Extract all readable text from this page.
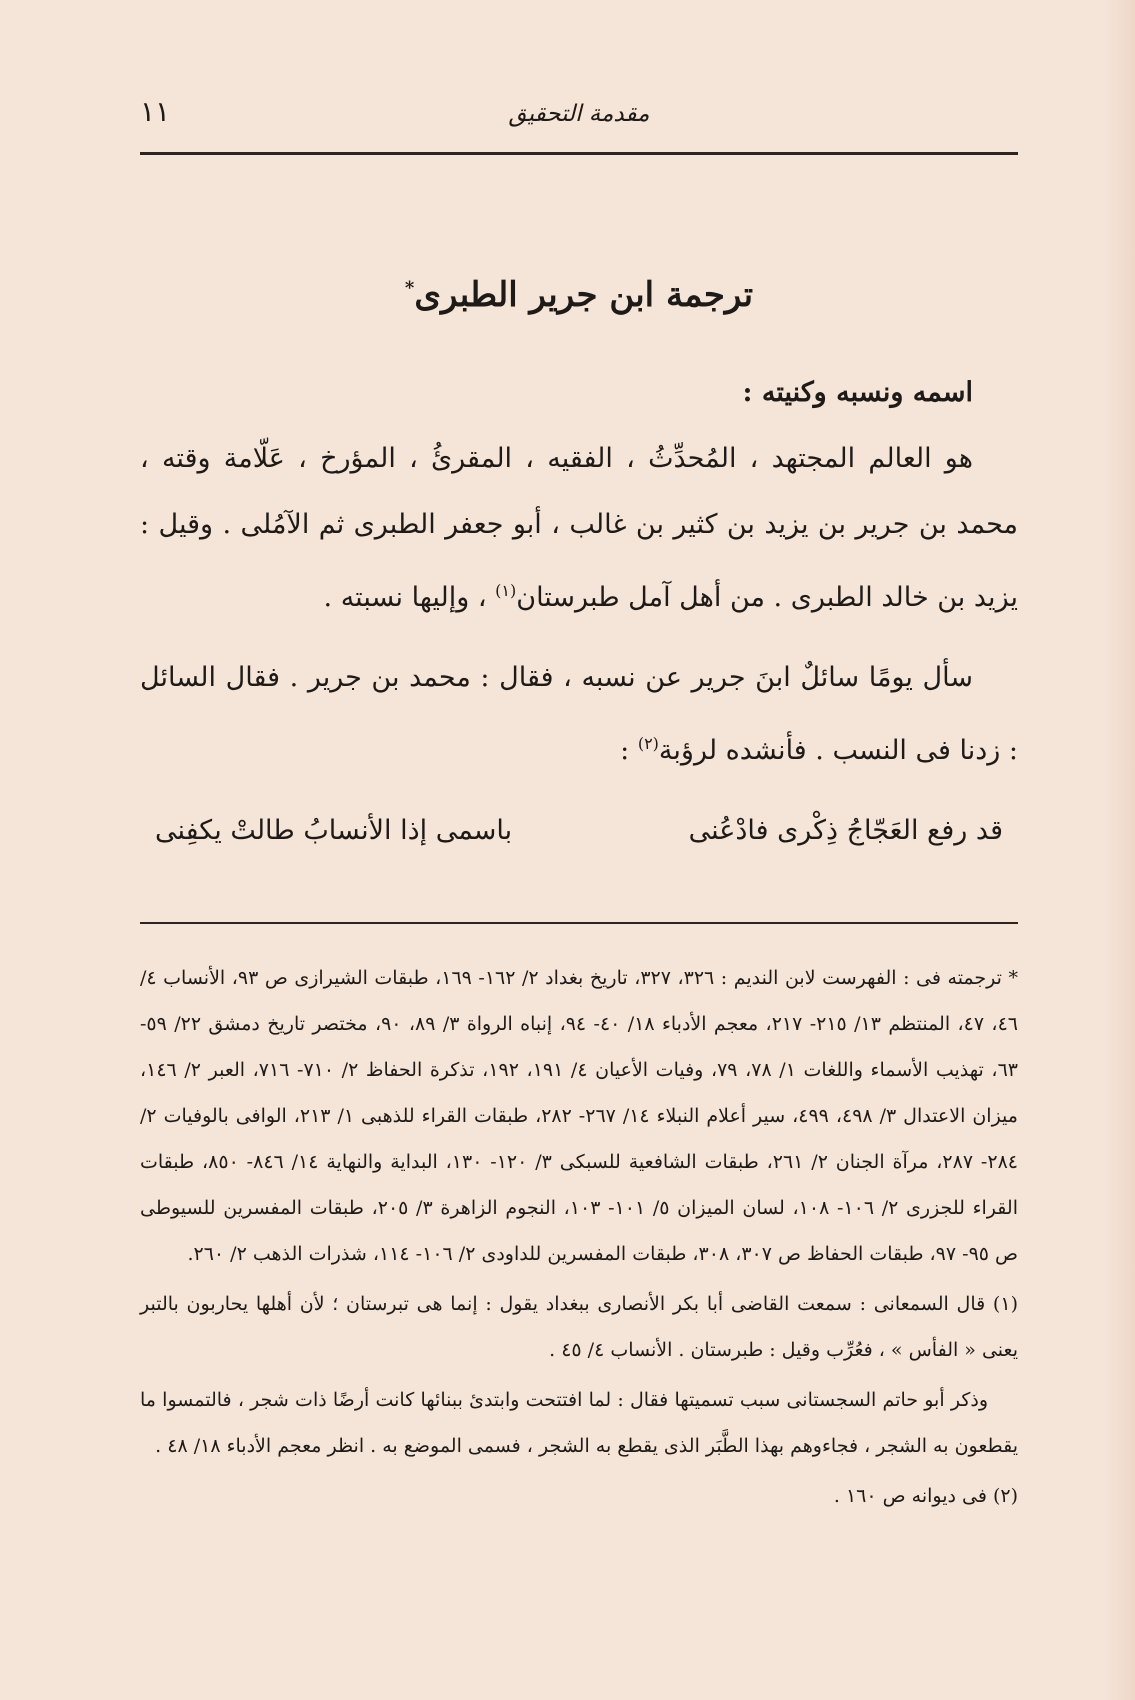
مقدمة التحقيق
١١
ترجمة ابن جرير الطبرى*
اسمه ونسبه وكنيته :

هو العالم المجتهد ، المُحدِّثُ ، الفقيه ، المقرئُ ، المؤرخ ، عَلّامة وقته ، محمد بن جرير بن يزيد بن كثير بن غالب ، أبو جعفر الطبرى ثم الآمُلى . وقيل : يزيد بن خالد الطبرى . من أهل آمل طبرستان$^{(١)}$ ، وإليها نسبته .

سأل يومًا سائلٌ ابنَ جرير عن نسبه ، فقال : محمد بن جرير . فقال السائل : زدنا فى النسب . فأنشده لرؤبة$^{(٢)}$ :

قد رفع العَجّاجُ ذِكْرى فادْعُنى
باسمى إذا الأنسابُ طالتْ يكفِنى

* ترجمته فى : الفهرست لابن النديم : ٣٢٦، ٣٢٧، تاريخ بغداد ٢/ ١٦٢- ١٦٩، طبقات الشيرازى ص ٩٣، الأنساب ٤/ ٤٦، ٤٧، المنتظم ١٣/ ٢١٥- ٢١٧، معجم الأدباء ١٨/ ٤٠- ٩٤، إنباه الرواة ٣/ ٨٩، ٩٠، مختصر تاريخ دمشق ٢٢/ ٥٩- ٦٣، تهذيب الأسماء واللغات ١/ ٧٨، ٧٩، وفيات الأعيان ٤/ ١٩١، ١٩٢، تذكرة الحفاظ ٢/ ٧١٠- ٧١٦، العبر ٢/ ١٤٦، ميزان الاعتدال ٣/ ٤٩٨، ٤٩٩، سير أعلام النبلاء ١٤/ ٢٦٧- ٢٨٢، طبقات القراء للذهبى ١/ ٢١٣، الوافى بالوفيات ٢/ ٢٨٤- ٢٨٧، مرآة الجنان ٢/ ٢٦١، طبقات الشافعية للسبكى ٣/ ١٢٠- ١٣٠، البداية والنهاية ١٤/ ٨٤٦- ٨٥٠، طبقات القراء للجزرى ٢/ ١٠٦- ١٠٨، لسان الميزان ٥/ ١٠١- ١٠٣، النجوم الزاهرة ٣/ ٢٠٥، طبقات المفسرين للسيوطى ص ٩٥- ٩٧، طبقات الحفاظ ص ٣٠٧، ٣٠٨، طبقات المفسرين للداودى ٢/ ١٠٦- ١١٤، شذرات الذهب ٢/ ٢٦٠.

(١) قال السمعانى : سمعت القاضى أبا بكر الأنصارى ببغداد يقول : إنما هى تبرستان ؛ لأن أهلها يحاربون بالتبر يعنى « الفأس » ، فعُرِّب وقيل : طبرستان . الأنساب ٤/ ٤٥ .

وذكر أبو حاتم السجستانى سبب تسميتها فقال : لما افتتحت وابتدئ ببنائها كانت أرضًا ذات شجر ، فالتمسوا ما يقطعون به الشجر ، فجاءوهم بهذا الطَّبَر الذى يقطع به الشجر ، فسمى الموضع به . انظر معجم الأدباء ١٨/ ٤٨ .

(٢) فى ديوانه ص ١٦٠ .
